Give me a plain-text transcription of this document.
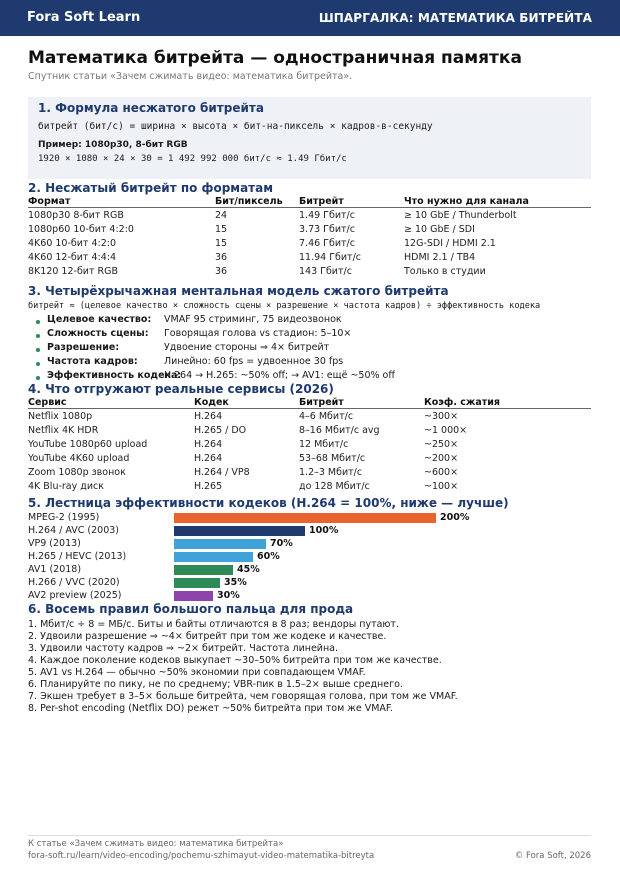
Fora Soft Learn	ШПАРГАЛКА: МАТЕМАТИКА БИТРЕЙТА
Математика битрейта — одностраничная памятка
Спутник статьи «Зачем сжимать видео: математика битрейта».
1. Формула несжатого битрейта
битрейт (бит/с) = ширина × высота × бит-на-пиксель × кадров-в-секунду
Пример: 1080p30, 8-бит RGB
1920 × 1080 × 24 × 30 = 1 492 992 000 бит/с ≈ 1.49 Гбит/с
2. Несжатый битрейт по форматам
Формат	Бит/пиксель Битрейт	Что нужно для канала
1080p30 8-бит RGB	24	1.49 Гбит/с	≥ 10 GbE / Thunderbolt
1080p60 10-бит 4:2:0	15	3.73 Гбит/с	≥ 10 GbE / SDI
4K60 10-бит 4:2:0	15	7.46 Гбит/с	12G-SDI / HDMI 2.1
4K60 12-бит 4:4:4	36	11.94 Гбит/с	HDMI 2.1 / TB4
8K120 12-бит RGB	36	143 Гбит/с	Только в студии
3. Четырёхрычажная ментальная модель сжатого битрейта
битрейт ≈ (целевое качество × сложность сцены × разрешение × частота кадров) ÷ эффективность кодека
Целевое качество: VMAF 95 стриминг, 75 видеозвонок
Сложность сцены: Говорящая голова vs стадион: 5–10×
Разрешение:	Удвоение стороны ⇒ 4× битрейт
Частота кадров:	Линейно: 60 fps = удвоенное 30 fps
Эффективность кодека:
H.264 → H.265: ~50% off; → AV1: ещё ~50% off
4. Что отгружают реальные сервисы (2026)
Сервис	Кодек	Битрейт	Коэф. сжатия
Netflix 1080p	H.264	4–6 Мбит/с	~300×
Netflix 4K HDR	H.265 / DO	8–16 Мбит/с avg	~1 000×
YouTube 1080p60 upload	H.264	12 Мбит/с	~250×
YouTube 4K60 upload	H.264	53–68 Мбит/с	~200×
Zoom 1080p звонок	H.264 / VP8	1.2–3 Мбит/с	~600×
4K Blu-ray диск	H.265	до 128 Мбит/с	~100×
5. Лестница эффективности кодеков (H.264 = 100%, ниже — лучше)
MPEG-2 (1995)	200%
H.264 / AVC (2003)	100%
VP9 (2013)	70%
H.265 / HEVC (2013)	60%
AV1 (2018)	45%
H.266 / VVC (2020)	35%
AV2 preview (2025)	30%
6. Восемь правил большого пальца для прода
1. Мбит/с ÷ 8 = МБ/с. Биты и байты отличаются в 8 раз; вендоры путают.
2. Удвоили разрешение ⇒ ~4× битрейт при том же кодеке и качестве.
3. Удвоили частоту кадров ⇒ ~2× битрейт. Частота линейна.
4. Каждое поколение кодеков выкупает ~30–50% битрейта при том же качестве.
5. AV1 vs H.264 — обычно ~50% экономии при совпадающем VMAF.
6. Планируйте по пику, не по среднему; VBR-пик в 1.5–2× выше среднего.
7. Экшен требует в 3–5× больше битрейта, чем говорящая голова, при том же VMAF.
8. Per-shot encoding (Netflix DO) режет ~50% битрейта при том же VMAF.
К статье «Зачем сжимать видео: математика битрейта»
fora-soft.ru/learn/video-encoding/pochemu-szhimayut-video-matematika-bitreyta	© Fora Soft, 2026
